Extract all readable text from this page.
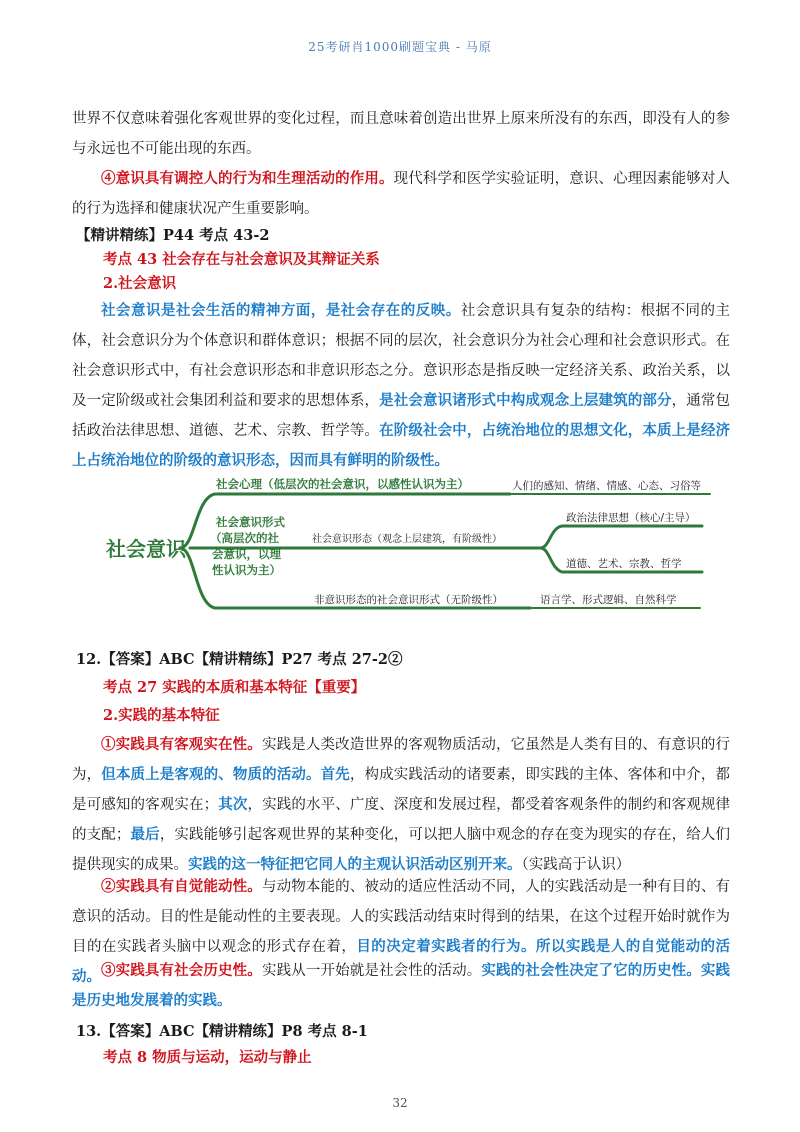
25考研肖1000刷题宝典 - 马原
世界不仅意味着强化客观世界的变化过程，而且意味着创造出世界上原来所没有的东西，即没有人的参与永远也不可能出现的东西。
④意识具有调控人的行为和生理活动的作用。现代科学和医学实验证明，意识、心理因素能够对人的行为选择和健康状况产生重要影响。
【精讲精练】P44 考点 43-2
考点 43 社会存在与社会意识及其辩证关系
2.社会意识
社会意识是社会生活的精神方面，是社会存在的反映。社会意识具有复杂的结构：根据不同的主体，社会意识分为个体意识和群体意识；根据不同的层次，社会意识分为社会心理和社会意识形式。在社会意识形式中，有社会意识形态和非意识形态之分。意识形态是指反映一定经济关系、政治关系，以及一定阶级或社会集团利益和要求的思想体系，是社会意识诸形式中构成观念上层建筑的部分，通常包括政治法律思想、道德、艺术、宗教、哲学等。在阶级社会中，占统治地位的思想文化，本质上是经济上占统治地位的阶级的意识形态，因而具有鲜明的阶级性。
社会意识
社会心理（低层次的社会意识，以感性认识为主）	人们的感知、情绪、情感、心态、习俗等
社会意识形式
（高层次的社
会意识，以理
性认识为主）
社会意识形态（观念上层建筑，有阶级性）
政治法律思想（核心/主导）
道德、艺术、宗教、哲学
非意识形态的社会意识形式（无阶级性）	语言学、形式逻辑、自然科学
12.【答案】ABC【精讲精练】P27 考点 27-2②
考点 27 实践的本质和基本特征【重要】
2.实践的基本特征
①实践具有客观实在性。实践是人类改造世界的客观物质活动，它虽然是人类有目的、有意识的行为，但本质上是客观的、物质的活动。首先，构成实践活动的诸要素，即实践的主体、客体和中介，都是可感知的客观实在；其次，实践的水平、广度、深度和发展过程，都受着客观条件的制约和客观规律的支配；最后，实践能够引起客观世界的某种变化，可以把人脑中观念的存在变为现实的存在，给人们提供现实的成果。实践的这一特征把它同人的主观认识活动区别开来。（实践高于认识）
②实践具有自觉能动性。与动物本能的、被动的适应性活动不同，人的实践活动是一种有目的、有意识的活动。目的性是能动性的主要表现。人的实践活动结束时得到的结果，在这个过程开始时就作为目的在实践者头脑中以观念的形式存在着，目的决定着实践者的行为。所以实践是人的自觉能动的活动。 ③实践具有社会历史性。实践从一开始就是社会性的活动。实践的社会性决定了它的历史性。实践是历史地发展着的实践。
13.【答案】ABC【精讲精练】P8 考点 8-1
考点 8 物质与运动，运动与静止
32
